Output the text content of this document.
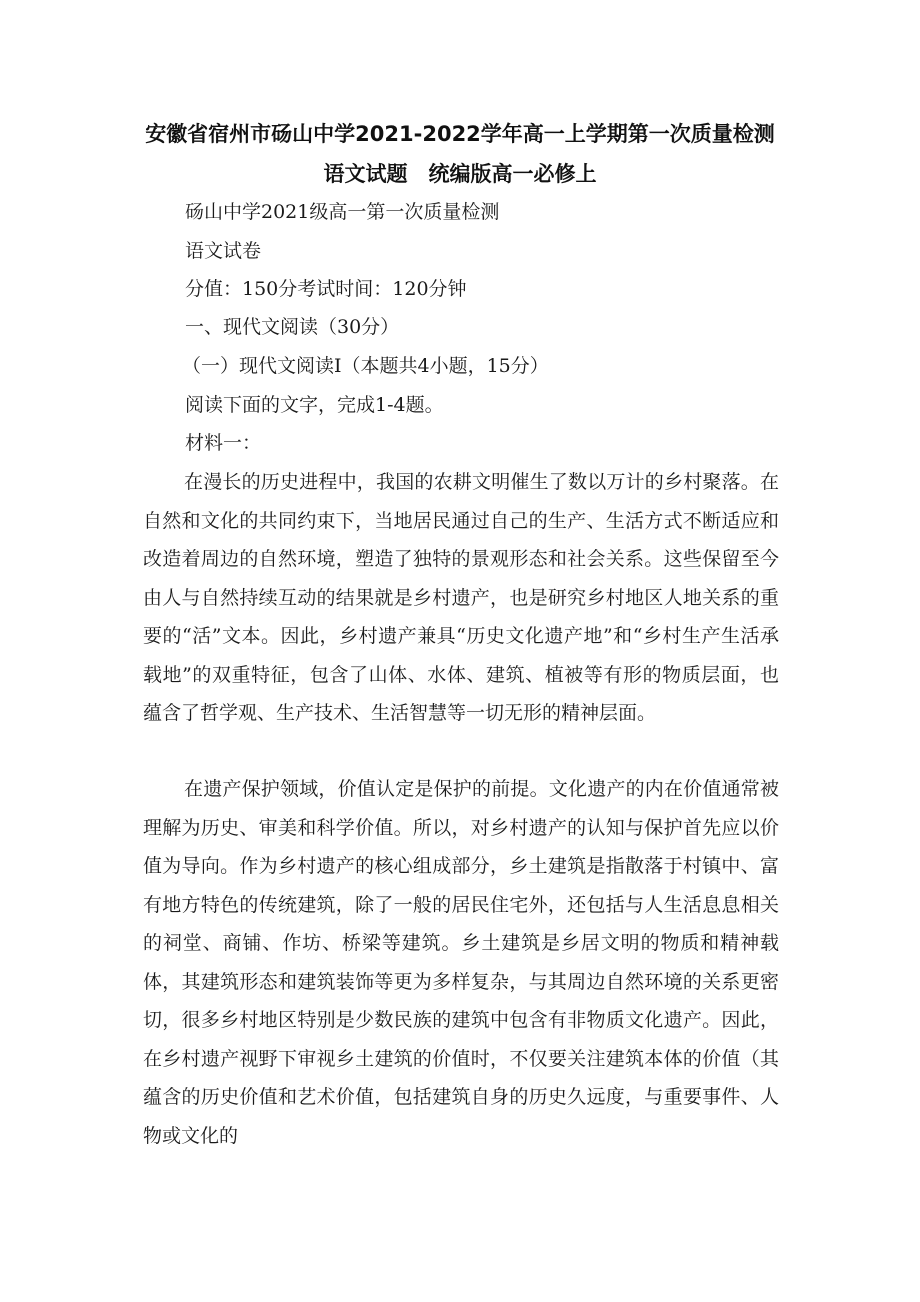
安徽省宿州市砀山中学2021-2022学年高一上学期第一次质量检测
语文试题　统编版高一必修上
砀山中学2021级高一第一次质量检测
语文试卷
分值：150分考试时间：120分钟
一、现代文阅读（30分）
（一）现代文阅读Ⅰ（本题共4小题，15分）
阅读下面的文字，完成1-4题。
材料一：

在漫长的历史进程中，我国的农耕文明催生了数以万计的乡村聚落。在自然和文化的共同约束下，当地居民通过自己的生产、生活方式不断适应和改造着周边的自然环境，塑造了独特的景观形态和社会关系。这些保留至今由人与自然持续互动的结果就是乡村遗产，也是研究乡村地区人地关系的重要的“活”文本。因此，乡村遗产兼具“历史文化遗产地”和“乡村生产生活承载地”的双重特征，包含了山体、水体、建筑、植被等有形的物质层面，也蕴含了哲学观、生产技术、生活智慧等一切无形的精神层面。

在遗产保护领域，价值认定是保护的前提。文化遗产的内在价值通常被理解为历史、审美和科学价值。所以，对乡村遗产的认知与保护首先应以价值为导向。作为乡村遗产的核心组成部分，乡土建筑是指散落于村镇中、富有地方特色的传统建筑，除了一般的居民住宅外，还包括与人生活息息相关的祠堂、商铺、作坊、桥梁等建筑。乡土建筑是乡居文明的物质和精神载体，其建筑形态和建筑装饰等更为多样复杂，与其周边自然环境的关系更密切，很多乡村地区特别是少数民族的建筑中包含有非物质文化遗产。因此，在乡村遗产视野下审视乡土建筑的价值时，不仅要关注建筑本体的价值（其蕴含的历史价值和艺术价值，包括建筑自身的历史久远度，与重要事件、人物或文化的
